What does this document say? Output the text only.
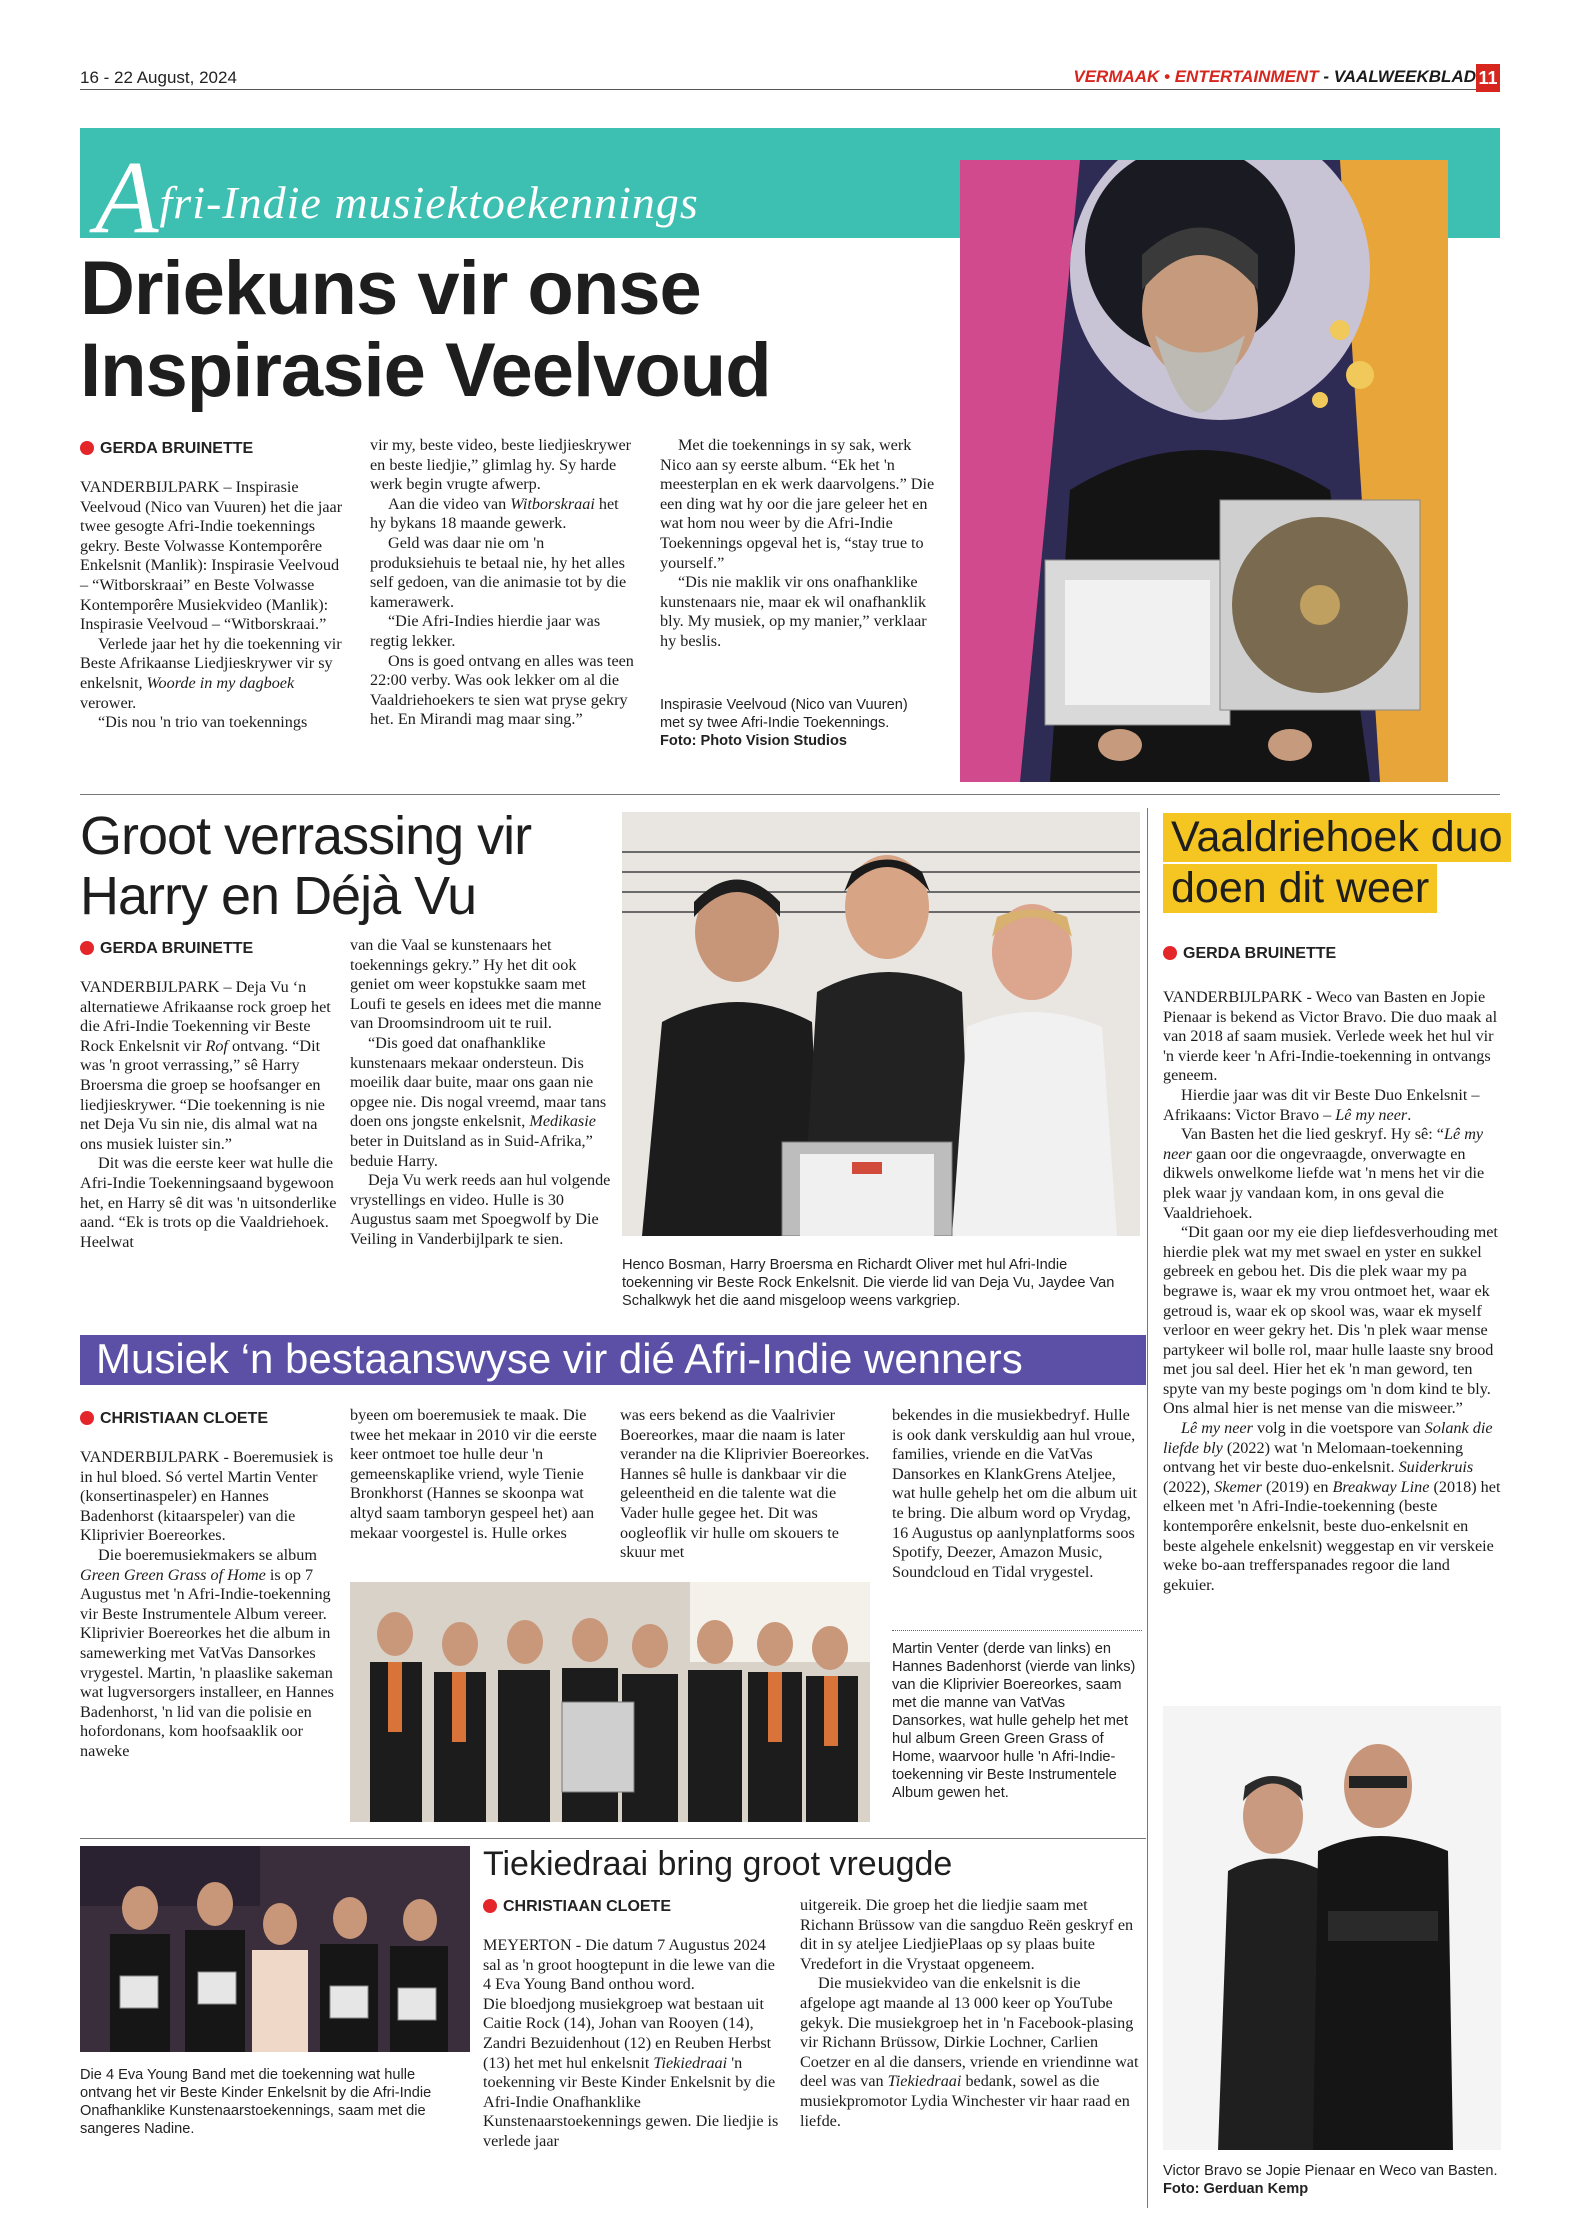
16 - 22 August, 2024	VERMAAK • ENTERTAINMENT - VAALWEEKBLAD 11
Afri-Indie musiektoekennings
Driekuns vir onse
Inspirasie Veelvoud
GERDA BRUINETTE

VANDERBIJLPARK – Inspirasie Veelvoud (Nico van Vuuren) het die jaar twee gesogte Afri-Indie toekennings gekry. Beste Volwasse Kontemporêre Enkelsnit (Manlik): Inspirasie Veelvoud – “Witborskraai” en Beste Volwasse Kontemporêre Musiekvideo (Manlik): Inspirasie Veelvoud – “Witborskraai.”

Verlede jaar het hy die toekenning vir Beste Afrikaanse Liedjieskrywer vir sy enkelsnit, Woorde in my dagboek verower.

“Dis nou 'n trio van toekennings

vir my, beste video, beste liedjieskrywer en beste liedjie,” glimlag hy. Sy harde werk begin vrugte afwerp.

Aan die video van Witborskraai het hy bykans 18 maande gewerk.

Geld was daar nie om 'n produksiehuis te betaal nie, hy het alles self gedoen, van die animasie tot by die kamerawerk.

“Die Afri-Indies hierdie jaar was regtig lekker.

Ons is goed ontvang en alles was teen 22:00 verby. Was ook lekker om al die Vaaldriehoekers te sien wat pryse gekry het. En Mirandi mag maar sing.”

Met die toekennings in sy sak, werk Nico aan sy eerste album. “Ek het 'n meesterplan en ek werk daarvolgens.” Die een ding wat hy oor die jare geleer het en wat hom nou weer by die Afri-Indie Toekennings opgeval het is, “stay true to yourself.”

“Dis nie maklik vir ons onafhanklike kunstenaars nie, maar ek wil onafhanklik bly. My musiek, op my manier,” verklaar hy beslis.

Inspirasie Veelvoud (Nico van Vuuren) met sy twee Afri-Indie Toekennings.
Foto: Photo Vision Studios
Groot verrassing vir
Harry en Déjà Vu
GERDA BRUINETTE

VANDERBIJLPARK – Deja Vu ‘n alternatiewe Afrikaanse rock groep het die Afri-Indie Toekenning vir Beste Rock Enkelsnit vir Rof ontvang. “Dit was 'n groot verrassing,” sê Harry Broersma die groep se hoofsanger en liedjieskrywer. “Die toekenning is nie net Deja Vu sin nie, dis almal wat na ons musiek luister sin.”

Dit was die eerste keer wat hulle die Afri-Indie Toekenningsaand bygewoon het, en Harry sê dit was 'n uitsonderlike aand. “Ek is trots op die Vaaldriehoek. Heelwat

van die Vaal se kunstenaars het toekennings gekry.” Hy het dit ook geniet om weer kopstukke saam met Loufi te gesels en idees met die manne van Droomsindroom uit te ruil.

“Dis goed dat onafhanklike kunstenaars mekaar ondersteun. Dis moeilik daar buite, maar ons gaan nie opgee nie. Dis nogal vreemd, maar tans doen ons jongste enkelsnit, Medikasie beter in Duitsland as in Suid-Afrika,” beduie Harry.

Deja Vu werk reeds aan hul volgende vrystellings en video. Hulle is 30 Augustus saam met Spoegwolf by Die Veiling in Vanderbijlpark te sien.

Henco Bosman, Harry Broersma en Richardt Oliver met hul Afri-Indie toekenning vir Beste Rock Enkelsnit. Die vierde lid van Deja Vu, Jaydee Van Schalkwyk het die aand misgeloop weens varkgriep.
Vaaldriehoek duo
doen dit weer
GERDA BRUINETTE

VANDERBIJLPARK - Weco van Basten en Jopie Pienaar is bekend as Victor Bravo. Die duo maak al van 2018 af saam musiek. Verlede week het hul vir 'n vierde keer 'n Afri-Indie-toekenning in ontvangs geneem.

Hierdie jaar was dit vir Beste Duo Enkelsnit – Afrikaans: Victor Bravo – Lê my neer.

Van Basten het die lied geskryf. Hy sê: “Lê my neer gaan oor die ongevraagde, onverwagte en dikwels onwelkome liefde wat 'n mens het vir die plek waar jy vandaan kom, in ons geval die Vaaldriehoek.

“Dit gaan oor my eie diep liefdesverhouding met hierdie plek wat my met swael en yster en sukkel gebreek en gebou het. Dis die plek waar my pa begrawe is, waar ek my vrou ontmoet het, waar ek getroud is, waar ek op skool was, waar ek myself verloor en weer gekry het. Dis 'n plek waar mense partykeer wil bolle rol, maar hulle laaste sny brood met jou sal deel. Hier het ek 'n man geword, ten spyte van my beste pogings om 'n dom kind te bly. Ons almal hier is net mense van die misweer.”

Lê my neer volg in die voetspore van Solank die liefde bly (2022) wat 'n Melomaan-toekenning ontvang het vir beste duo-enkelsnit. Suiderkruis (2022), Skemer (2019) en Breakway Line (2018) het elkeen met 'n Afri-Indie-toekenning (beste kontemporêre enkelsnit, beste duo-enkelsnit en beste algehele enkelsnit) weggestap en vir verskeie weke bo-aan trefferspanades regoor die land gekuier.

Victor Bravo se Jopie Pienaar en Weco van Basten. Foto: Gerduan Kemp
Musiek ‘n bestaanswyse vir dié Afri-Indie wenners
CHRISTIAAN CLOETE

VANDERBIJLPARK - Boeremusiek is in hul bloed. Só vertel Martin Venter (konsertinaspeler) en Hannes Badenhorst (kitaarspeler) van die Kliprivier Boereorkes.

Die boeremusiekmakers se album Green Green Grass of Home is op 7 Augustus met 'n Afri-Indie-toekenning vir Beste Instrumentele Album vereer. Kliprivier Boereorkes het die album in samewerking met VatVas Dansorkes vrygestel. Martin, 'n plaaslike sakeman wat lugversorgers installeer, en Hannes Badenhorst, 'n lid van die polisie en hofordonans, kom hoofsaaklik oor naweke

byeen om boeremusiek te maak. Die twee het mekaar in 2010 vir die eerste keer ontmoet toe hulle deur 'n gemeenskaplike vriend, wyle Tienie Bronkhorst (Hannes se skoonpa wat altyd saam tamboryn gespeel het) aan mekaar voorgestel is. Hulle orkes

was eers bekend as die Vaalrivier Boereorkes, maar die naam is later verander na die Kliprivier Boereorkes. Hannes sê hulle is dankbaar vir die geleentheid en die talente wat die Vader hulle gegee het. Dit was oogleoflik vir hulle om skouers te skuur met

bekendes in die musiekbedryf. Hulle is ook dank verskuldig aan hul vroue, families, vriende en die VatVas Dansorkes en KlankGrens Ateljee, wat hulle gehelp het om die album uit te bring. Die album word op Vrydag, 16 Augustus op aanlynplatforms soos Spotify, Deezer, Amazon Music, Soundcloud en Tidal vrygestel.

Martin Venter (derde van links) en Hannes Badenhorst (vierde van links) van die Kliprivier Boereorkes, saam met die manne van VatVas Dansorkes, wat hulle gehelp het met hul album Green Green Grass of Home, waarvoor hulle 'n Afri-Indie-toekenning vir Beste Instrumentele Album gewen het.
Die 4 Eva Young Band met die toekenning wat hulle ontvang het vir Beste Kinder Enkelsnit by die Afri-Indie Onafhanklike Kunstenaarstoekennings, saam met die sangeres Nadine.
Tiekiedraai bring groot vreugde
CHRISTIAAN CLOETE

MEYERTON - Die datum 7 Augustus 2024 sal as 'n groot hoogtepunt in die lewe van die 4 Eva Young Band onthou word.

Die bloedjong musiekgroep wat bestaan uit Caitie Rock (14), Johan van Rooyen (14), Zandri Bezuidenhout (12) en Reuben Herbst (13) het met hul enkelsnit Tiekiedraai 'n toekenning vir Beste Kinder Enkelsnit by die Afri-Indie Onafhanklike Kunstenaarstoekennings gewen. Die liedjie is verlede jaar

uitgereik. Die groep het die liedjie saam met Richann Brüssow van die sangduo Reën geskryf en dit in sy ateljee LiedjiePlaas op sy plaas buite Vredefort in die Vrystaat opgeneem.

Die musiekvideo van die enkelsnit is die afgelope agt maande al 13 000 keer op YouTube gekyk. Die musiekgroep het in 'n Facebook-plasing vir Richann Brüssow, Dirkie Lochner, Carlien Coetzer en al die dansers, vriende en vriendinne wat deel was van Tiekiedraai bedank, sowel as die musiekpromotor Lydia Winchester vir haar raad en liefde.
